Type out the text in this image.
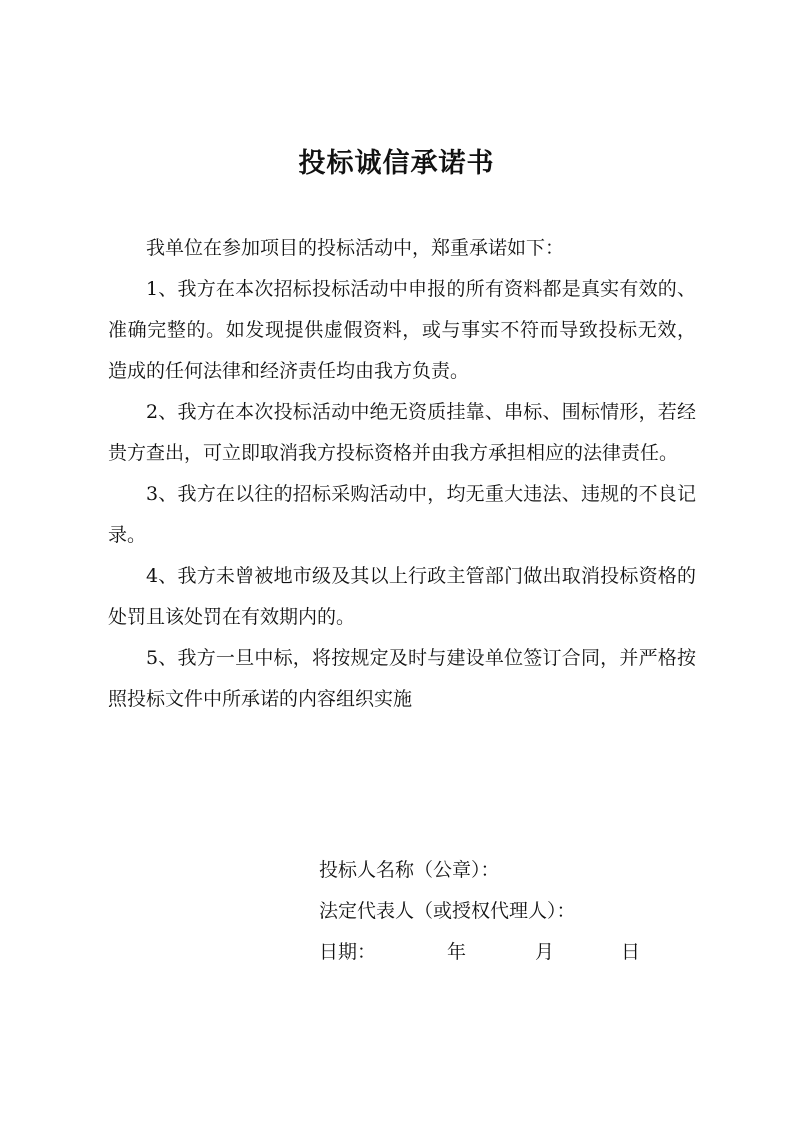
投标诚信承诺书

我单位在参加项目的投标活动中，郑重承诺如下：

1、我方在本次招标投标活动中申报的所有资料都是真实有效的、准确完整的。如发现提供虚假资料，或与事实不符而导致投标无效，造成的任何法律和经济责任均由我方负责。

2、我方在本次投标活动中绝无资质挂靠、串标、围标情形，若经贵方查出，可立即取消我方投标资格并由我方承担相应的法律责任。

3、我方在以往的招标采购活动中，均无重大违法、违规的不良记录。

4、我方未曾被地市级及其以上行政主管部门做出取消投标资格的处罚且该处罚在有效期内的。

5、我方一旦中标，将按规定及时与建设单位签订合同，并严格按照投标文件中所承诺的内容组织实施

投标人名称（公章）：
法定代表人（或授权代理人）：
日期：	年	月	日
